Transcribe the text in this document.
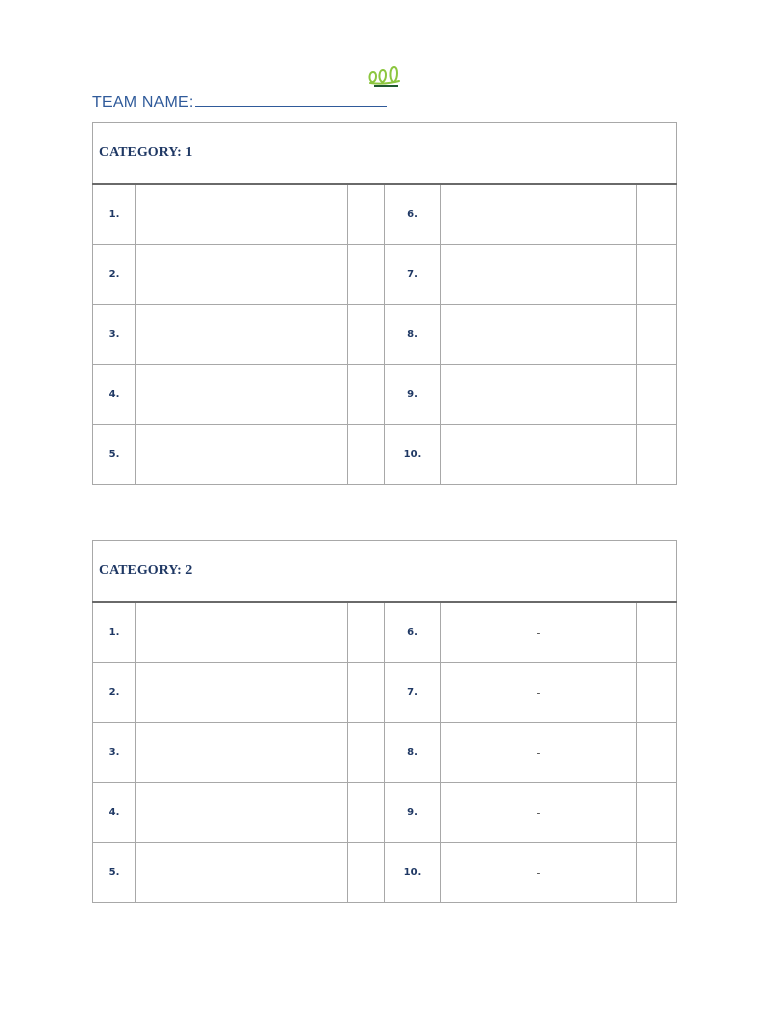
TEAM NAME:
CATEGORY: 1					
1.			6.		
2.			7.		
3.			8.		
4.			9.		
5.			10.		
CATEGORY: 2					
1.			6.	-	
2.			7.	-	
3.			8.	-	
4.			9.	-	
5.			10.	-	
